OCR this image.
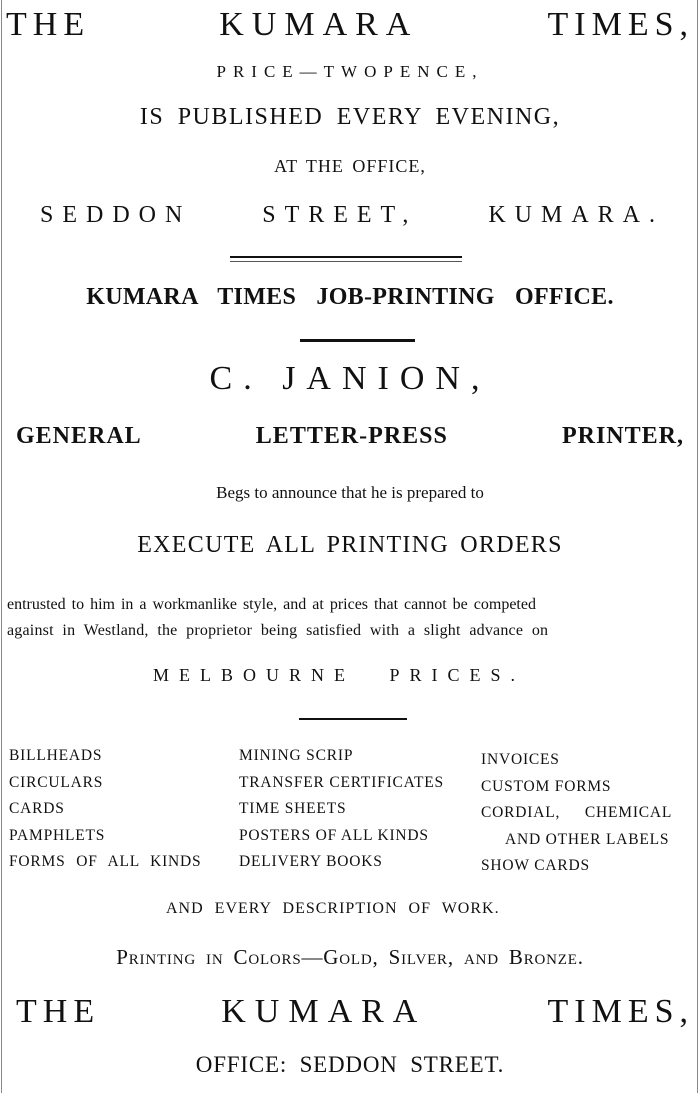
THE	KUMARA	TIMES,
PRICE—TWOPENCE,
IS PUBLISHED EVERY EVENING,
AT THE OFFICE,
SEDDON	STREET,	KUMARA.
KUMARA TIMES JOB-PRINTING OFFICE.
C. JANION,
GENERAL	LETTER-PRESS	PRINTER,
Begs to announce that he is prepared to
EXECUTE ALL PRINTING ORDERS
entrusted to him in a workmanlike style, and at prices that cannot be competed
against in Westland, the proprietor being satisfied with a slight advance on
MELBOURNE PRICES.
BILLHEADS
CIRCULARS
CARDS
PAMPHLETS
FORMS OF ALL KINDS
MINING SCRIP
TRANSFER CERTIFICATES
TIME SHEETS
POSTERS OF ALL KINDS
DELIVERY BOOKS
INVOICES
CUSTOM FORMS
CORDIAL, CHEMICAL
AND OTHER LABELS
SHOW CARDS
AND EVERY DESCRIPTION OF WORK.
Printing in Colors—Gold, Silver, and Bronze.
THE	KUMARA	TIMES,
OFFICE: SEDDON STREET.
